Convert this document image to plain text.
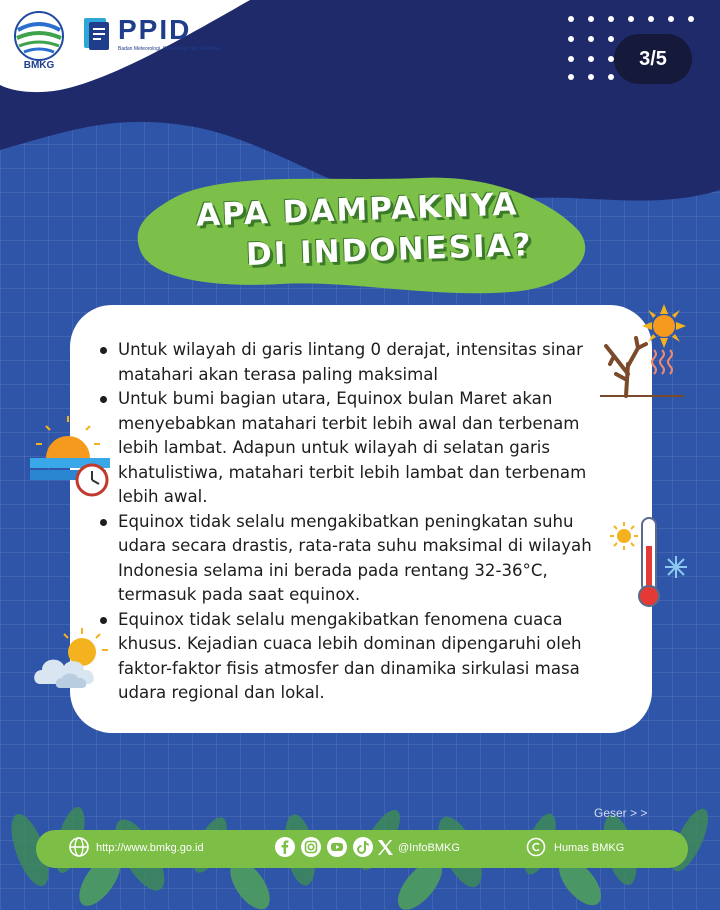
BMKG
PPID
Badan Meteorologi, Klimatologi, dan Geofisika	3/5
APA DAMPAKNYA
DI INDONESIA?
Untuk wilayah di garis lintang 0 derajat, intensitas sinar matahari akan terasa paling maksimal
Untuk bumi bagian utara, Equinox bulan Maret akan menyebabkan matahari terbit lebih awal dan terbenam lebih lambat. Adapun untuk wilayah di selatan garis khatulistiwa, matahari terbit lebih lambat dan terbenam lebih awal.
Equinox tidak selalu mengakibatkan peningkatan suhu udara secara drastis, rata-rata suhu maksimal di wilayah Indonesia selama ini berada pada rentang 32-36°C, termasuk pada saat equinox.
Equinox tidak selalu mengakibatkan fenomena cuaca khusus. Kejadian cuaca lebih dominan dipengaruhi oleh faktor-faktor fisis atmosfer dan dinamika sirkulasi masa udara regional dan lokal.
Geser > >
http://www.bmkg.go.id	@InfoBMKG	Humas BMKG
